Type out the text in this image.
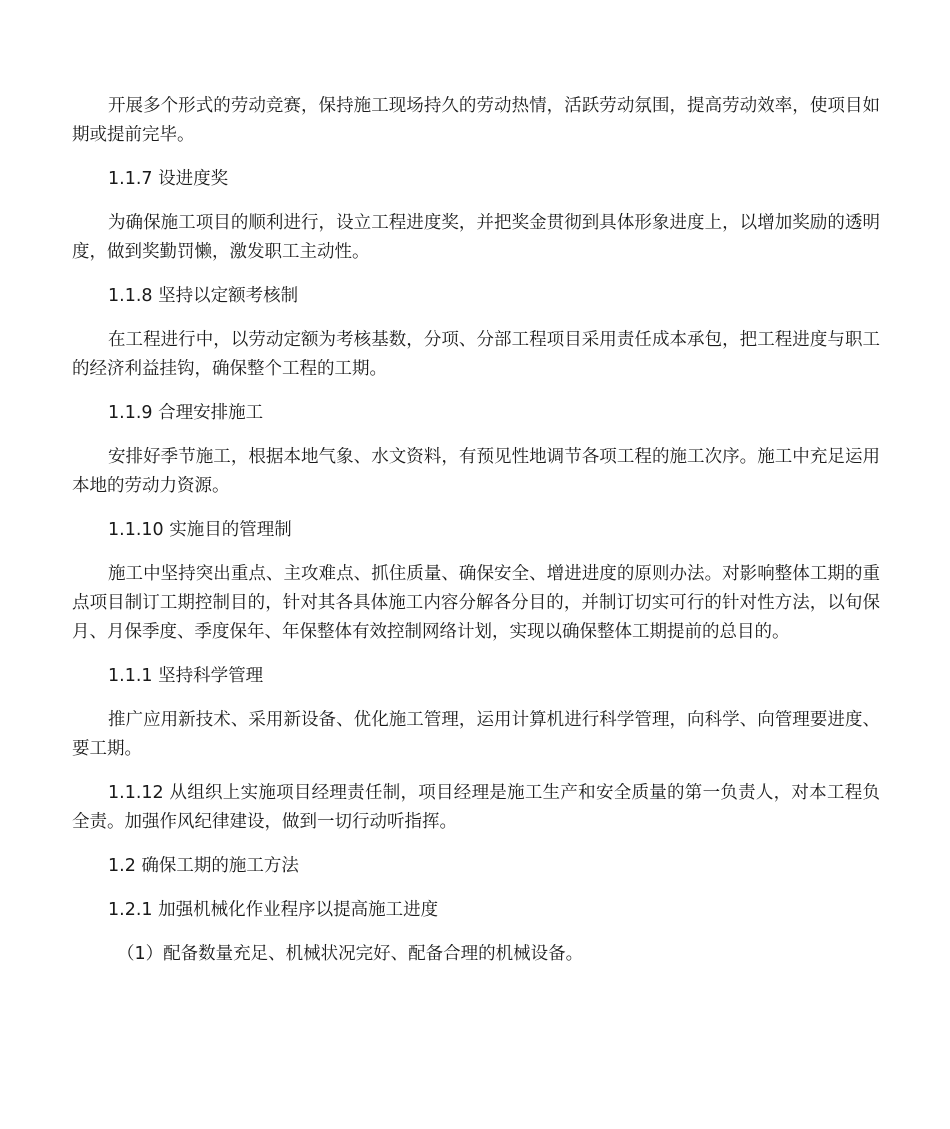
开展多个形式的劳动竞赛，保持施工现场持久的劳动热情，活跃劳动氛围，提高劳动效率，使项目如期或提前完毕。

1.1.7 设进度奖

为确保施工项目的顺利进行，设立工程进度奖，并把奖金贯彻到具体形象进度上，以增加奖励的透明度，做到奖勤罚懒，激发职工主动性。

1.1.8 坚持以定额考核制

在工程进行中，以劳动定额为考核基数，分项、分部工程项目采用责任成本承包，把工程进度与职工的经济利益挂钩，确保整个工程的工期。

1.1.9 合理安排施工

安排好季节施工，根据本地气象、水文资料，有预见性地调节各项工程的施工次序。施工中充足运用本地的劳动力资源。

1.1.10 实施目的管理制

施工中坚持突出重点、主攻难点、抓住质量、确保安全、增进进度的原则办法。对影响整体工期的重点项目制订工期控制目的，针对其各具体施工内容分解各分目的，并制订切实可行的针对性方法，以旬保月、月保季度、季度保年、年保整体有效控制网络计划，实现以确保整体工期提前的总目的。

1.1.1 坚持科学管理

推广应用新技术、采用新设备、优化施工管理，运用计算机进行科学管理，向科学、向管理要进度、要工期。

1.1.12 从组织上实施项目经理责任制，项目经理是施工生产和安全质量的第一负责人，对本工程负全责。加强作风纪律建设，做到一切行动听指挥。

1.2 确保工期的施工方法

1.2.1 加强机械化作业程序以提高施工进度

（1）配备数量充足、机械状况完好、配备合理的机械设备。
